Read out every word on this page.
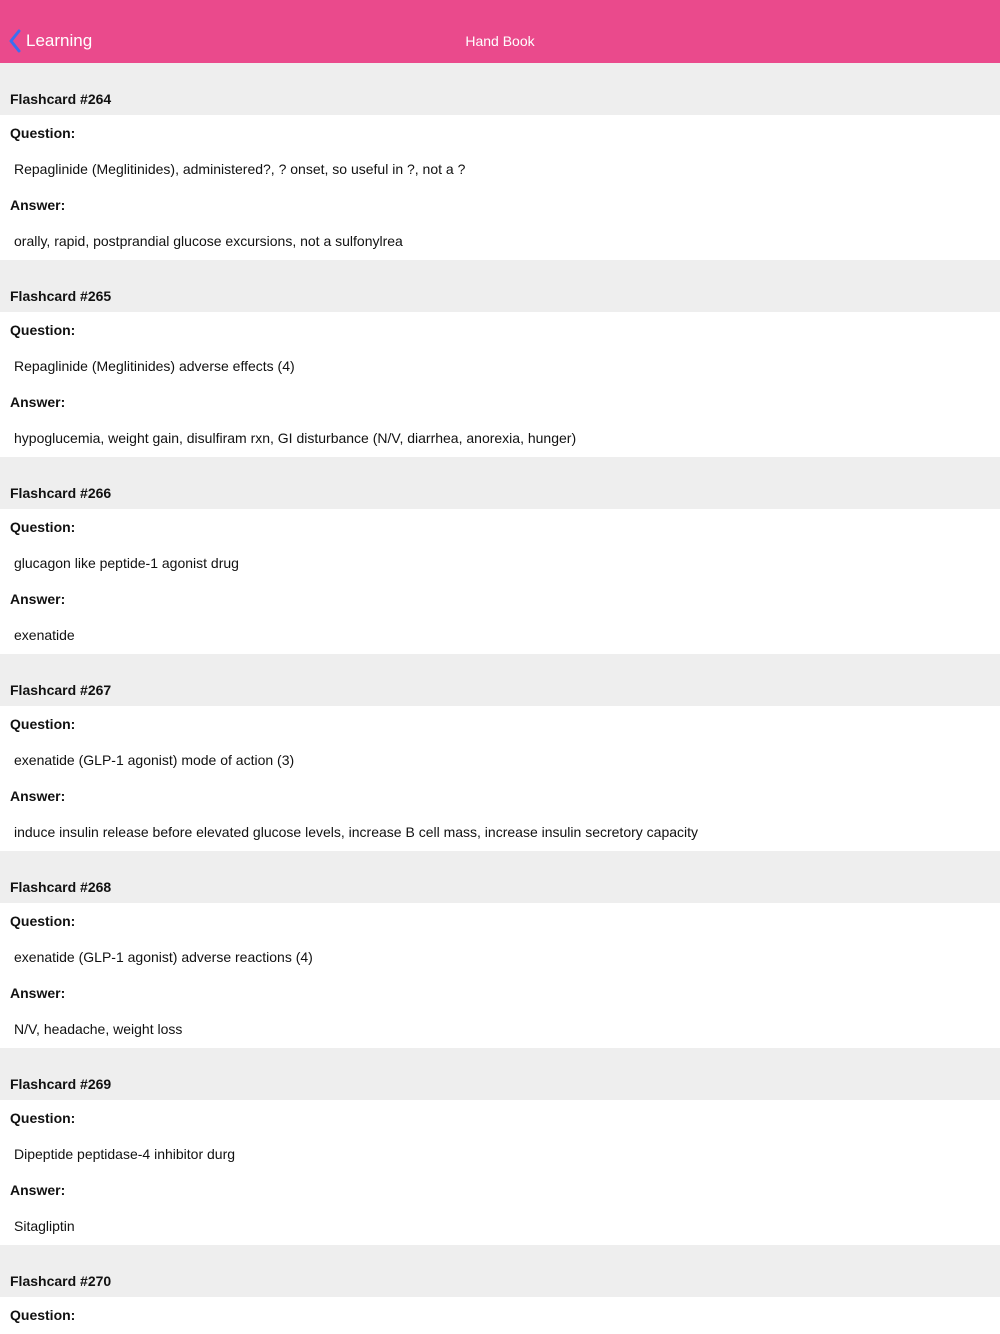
Learning	Hand Book
Flashcard #264
Question:
Repaglinide (Meglitinides), administered?, ? onset, so useful in ?, not a ?
Answer:
orally, rapid, postprandial glucose excursions, not a sulfonylrea
Flashcard #265
Question:
Repaglinide (Meglitinides) adverse effects (4)
Answer:
hypoglucemia, weight gain, disulfiram rxn, GI disturbance (N/V, diarrhea, anorexia, hunger)
Flashcard #266
Question:
glucagon like peptide-1 agonist drug
Answer:
exenatide
Flashcard #267
Question:
exenatide (GLP-1 agonist) mode of action (3)
Answer:
induce insulin release before elevated glucose levels, increase B cell mass, increase insulin secretory capacity
Flashcard #268
Question:
exenatide (GLP-1 agonist) adverse reactions (4)
Answer:
N/V, headache, weight loss
Flashcard #269
Question:
Dipeptide peptidase-4 inhibitor durg
Answer:
Sitagliptin
Flashcard #270
Question:
